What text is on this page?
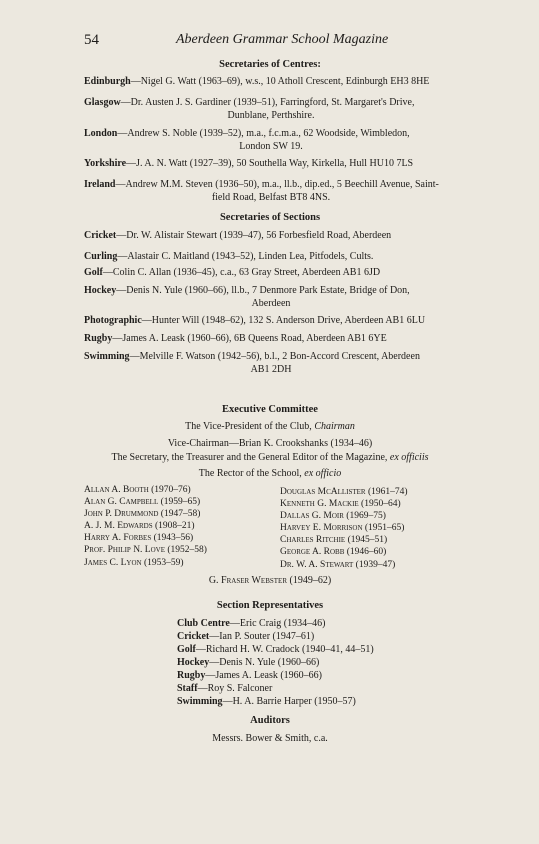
54	Aberdeen Grammar School Magazine
Secretaries of Centres:
Edinburgh—Nigel G. Watt (1963–69), w.s., 10 Atholl Crescent, Edinburgh EH3 8HE
Glasgow—Dr. Austen J. S. Gardiner (1939–51), Farringford, St. Margaret's Drive,
Dunblane, Perthshire.
London—Andrew S. Noble (1939–52), m.a., f.c.m.a., 62 Woodside, Wimbledon,
London SW 19.
Yorkshire—J. A. N. Watt (1927–39), 50 Southella Way, Kirkella, Hull HU10 7LS
Ireland—Andrew M.M. Steven (1936–50), m.a., ll.b., dip.ed., 5 Beechill Avenue, Saint-
field Road, Belfast BT8 4NS.
Secretaries of Sections
Cricket—Dr. W. Alistair Stewart (1939–47), 56 Forbesfield Road, Aberdeen
Curling—Alastair C. Maitland (1943–52), Linden Lea, Pitfodels, Cults.
Golf—Colin C. Allan (1936–45), c.a., 63 Gray Street, Aberdeen AB1 6JD
Hockey—Denis N. Yule (1960–66), ll.b., 7 Denmore Park Estate, Bridge of Don,
Aberdeen
Photographic—Hunter Will (1948–62), 132 S. Anderson Drive, Aberdeen AB1 6LU
Rugby—James A. Leask (1960–66), 6B Queens Road, Aberdeen AB1 6YE
Swimming—Melville F. Watson (1942–56), b.l., 2 Bon-Accord Crescent, Aberdeen
AB1 2DH
Executive Committee
The Vice-President of the Club, Chairman
Vice-Chairman—Brian K. Crookshanks (1934–46)
The Secretary, the Treasurer and the General Editor of the Magazine, ex officiis
The Rector of the School, ex officio
Allan A. Booth (1970–76)
Alan G. Campbell (1959–65)
John P. Drummond (1947–58)
A. J. M. Edwards (1908–21)
Harry A. Forbes (1943–56)
Prof. Philip N. Love (1952–58)
James C. Lyon (1953–59)
Douglas McAllister (1961–74)
Kenneth G. Mackie (1950–64)
Dallas G. Moir (1969–75)
Harvey E. Morrison (1951–65)
Charles Ritchie (1945–51)
George A. Robb (1946–60)
Dr. W. A. Stewart (1939–47)
G. Fraser Webster (1949–62)
Section Representatives
Club Centre—Eric Craig (1934–46)
Cricket—Ian P. Souter (1947–61)
Golf—Richard H. W. Cradock (1940–41, 44–51)
Hockey—Denis N. Yule (1960–66)
Rugby—James A. Leask (1960–66)
Staff—Roy S. Falconer
Swimming—H. A. Barrie Harper (1950–57)
Auditors
Messrs. Bower & Smith, c.a.
